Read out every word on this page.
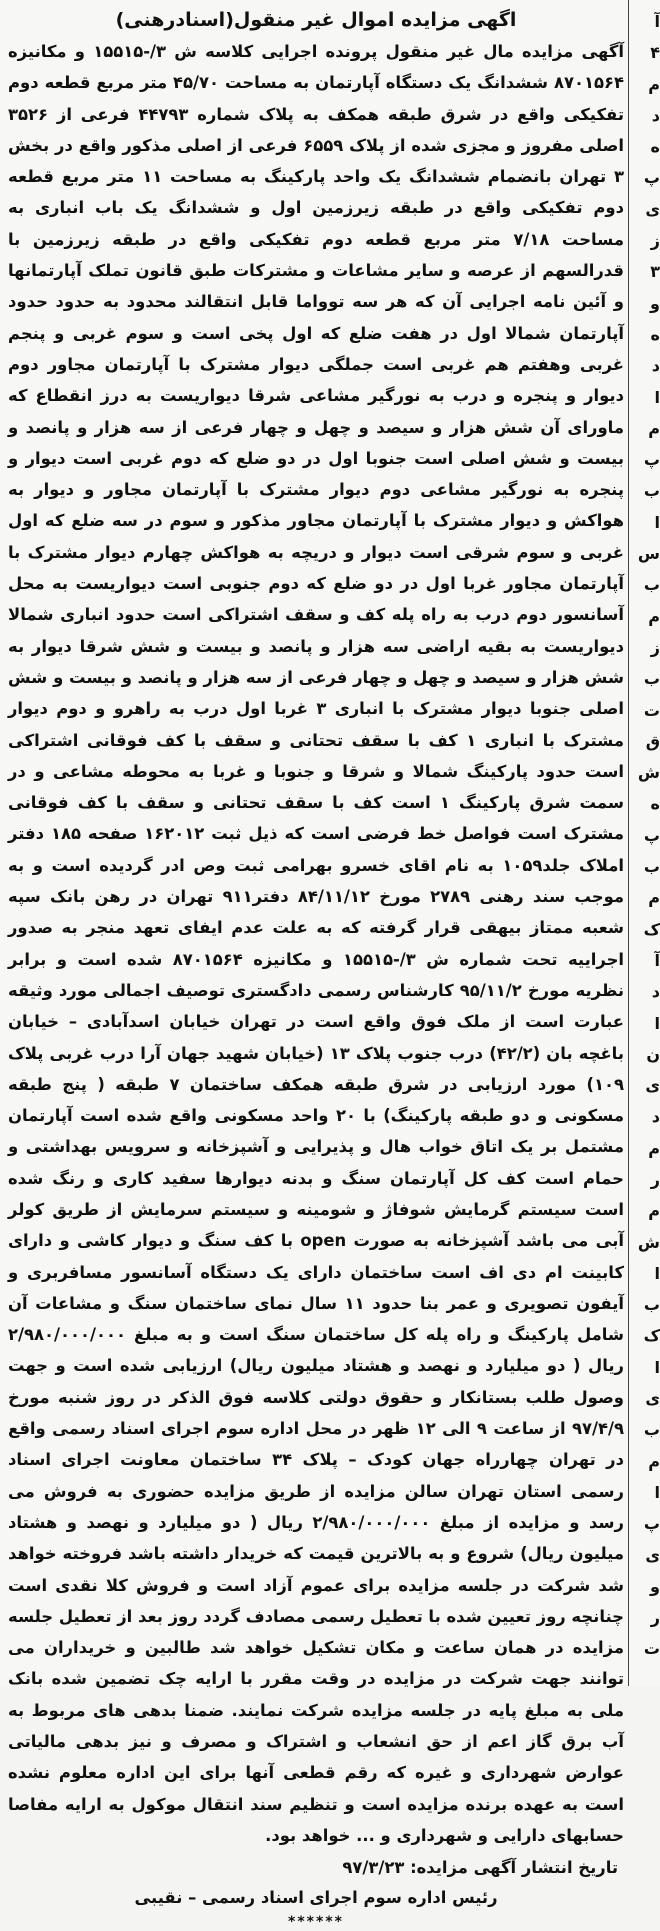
اگهی مزایده اموال غیر منقول(اسنادرهنی)

آگهی مزایده مال غیر منقول پرونده اجرایی کلاسه ش ۳/-۱۵۵۱۵ و مکانیزه ۸۷۰۱۵۶۴ ششدانگ یک دستگاه آپارتمان به مساحت ۴۵/۷۰ متر مربع قطعه دوم تفکیکی واقع در شرق طبقه همکف به پلاک شماره ۴۴۷۹۳ فرعی از ۳۵۲۶ اصلی مفروز و مجزی شده از پلاک ۶۵۵۹ فرعی از اصلی مذکور واقع در بخش ۳ تهران بانضمام ششدانگ یک واحد پارکینگ به مساحت ۱۱ متر مربع قطعه دوم تفکیکی واقع در طبقه زیرزمین اول و ششدانگ یک باب انباری به مساحت ۷/۱۸ متر مربع قطعه دوم تفکیکی واقع در طبقه زیرزمین با قدرالسهم از عرصه و سایر مشاعات و مشترکات طبق قانون تملک آپارتمانها و آئین نامه اجرایی آن که هر سه توواما قابل انتقالند محدود به حدود حدود آپارتمان شمالا اول در هفت ضلع که اول پخی است و سوم غربی و پنجم غربی وهفتم هم غربی است جملگی دیوار مشترک با آپارتمان مجاور دوم دیوار و پنجره و درب به نورگیر مشاعی شرقا دیواریست به درز انقطاع که ماورای آن شش هزار و سیصد و چهل و چهار فرعی از سه هزار و پانصد و بیست و شش اصلی است جنوبا اول در دو ضلع که دوم غربی است دیوار و پنجره به نورگیر مشاعی دوم دیوار مشترک با آپارتمان مجاور و دیوار به هواکش و دیوار مشترک با آپارتمان مجاور مذکور و سوم در سه ضلع که اول غربی و سوم شرقی است دیوار و دریچه به هواکش چهارم دیوار مشترک با آپارتمان مجاور غربا اول در دو ضلع که دوم جنوبی است دیواریست به محل آسانسور دوم درب به راه پله کف و سقف اشتراکی است حدود انباری شمالا دیواریست به بقیه اراضی سه هزار و پانصد و بیست و شش شرقا دیوار به شش هزار و سیصد و چهل و چهار فرعی از سه هزار و پانصد و بیست و شش اصلی جنوبا دیوار مشترک با انباری ۳ غربا اول درب به راهرو و دوم دیوار مشترک با انباری ۱ کف با سقف تحتانی و سقف با کف فوقانی اشتراکی است حدود پارکینگ شمالا و شرقا و جنوبا و غربا به محوطه مشاعی و در سمت شرق پارکینگ ۱ است کف با سقف تحتانی و سقف با کف فوقانی مشترک است فواصل خط فرضی است که ذیل ثبت ۱۶۲۰۱۲ صفحه ۱۸۵ دفتر املاک جلد۱۰۵۹ به نام اقای خسرو بهرامی ثبت وص ادر گردیده است و به موجب سند رهنی ۲۷۸۹ مورخ ۸۴/۱۱/۱۲ دفتر۹۱۱ تهران در رهن بانک سپه شعبه ممتاز بیهقی قرار گرفته که به علت عدم ایفای تعهد منجر به صدور اجراییه تحت شماره ش ۳/-۱۵۵۱۵ و مکانیزه ۸۷۰۱۵۶۴ شده است و برابر نظریه مورخ ۹۵/۱۱/۲ کارشناس رسمی دادگستری توصیف اجمالی مورد وثیقه عبارت است از ملک فوق واقع است در تهران خیابان اسدآبادی – خیابان باغچه بان (۴۲/۲) درب جنوب پلاک ۱۳ (خیابان شهید جهان آرا درب غربی پلاک ۱۰۹) مورد ارزیابی در شرق طبقه همکف ساختمان ۷ طبقه ( پنج طبقه مسکونی و دو طبقه پارکینگ) با ۲۰ واحد مسکونی واقع شده است آپارتمان مشتمل بر یک اتاق خواب هال و پذیرایی و آشپزخانه و سرویس بهداشتی و حمام است کف کل آپارتمان سنگ و بدنه دیوارها سفید کاری و رنگ شده است سیستم گرمایش شوفاژ و شومینه و سیستم سرمایش از طریق کولر آبی می باشد آشپزخانه به صورت open با کف سنگ و دیوار کاشی و دارای کابینت ام دی اف است ساختمان دارای یک دستگاه آسانسور مسافربری و آیفون تصویری و عمر بنا حدود ۱۱ سال نمای ساختمان سنگ و مشاعات آن شامل پارکینگ و راه پله کل ساختمان سنگ است و به مبلغ ۲/۹۸۰/۰۰۰/۰۰۰ ریال ( دو میلیارد و نهصد و هشتاد میلیون ریال) ارزیابی شده است و جهت وصول طلب بستانکار و حقوق دولتی کلاسه فوق الذکر در روز شنبه مورخ ۹۷/۴/۹ از ساعت ۹ الی ۱۲ ظهر در محل اداره سوم اجرای اسناد رسمی واقع در تهران چهارراه جهان کودک – پلاک ۳۴ ساختمان معاونت اجرای اسناد رسمی استان تهران سالن مزایده از طریق مزایده حضوری به فروش می رسد و مزایده از مبلغ ۲/۹۸۰/۰۰۰/۰۰۰ ریال ( دو میلیارد و نهصد و هشتاد میلیون ریال) شروع و به بالاترین قیمت که خریدار داشته باشد فروخته خواهد شد شرکت در جلسه مزایده برای عموم آزاد است و فروش کلا نقدی است چنانچه روز تعیین شده با تعطیل رسمی مصادف گردد روز بعد از تعطیل جلسه مزایده در همان ساعت و مکان تشکیل خواهد شد طالبین و خریداران می توانند جهت شرکت در مزایده در وقت مقرر با ارایه چک تضمین شده بانک ملی به مبلغ پایه در جلسه مزایده شرکت نمایند. ضمنا بدهی های مربوط به آب برق گاز اعم از حق انشعاب و اشتراک و مصرف و نیز بدهی مالیاتی عوارض شهرداری و غیره که رقم قطعی آنها برای این اداره معلوم نشده است به عهده برنده مزایده است و تنظیم سند انتقال موکول به ارایه مفاصا حسابهای دارایی و شهرداری و ... خواهد بود.

تاریخ انتشار آگهی مزایده: ۹۷/۳/۲۳
رئیس اداره سوم اجرای اسناد رسمی – نقیبی
******
آ
۴
م
د
ه
پ
ی
ز
۳
و
ه
د
ا
م
پ
ب
ا
س
ب
م
ز
ب
ت
ق
ش
ه
پ
ب
م
ک
آ
د
ا
ن
ی
د
م
ر
م
ش
ا
ب
ک
ا
ی
ب
م
ا
پ
ی
و
ر
ت
